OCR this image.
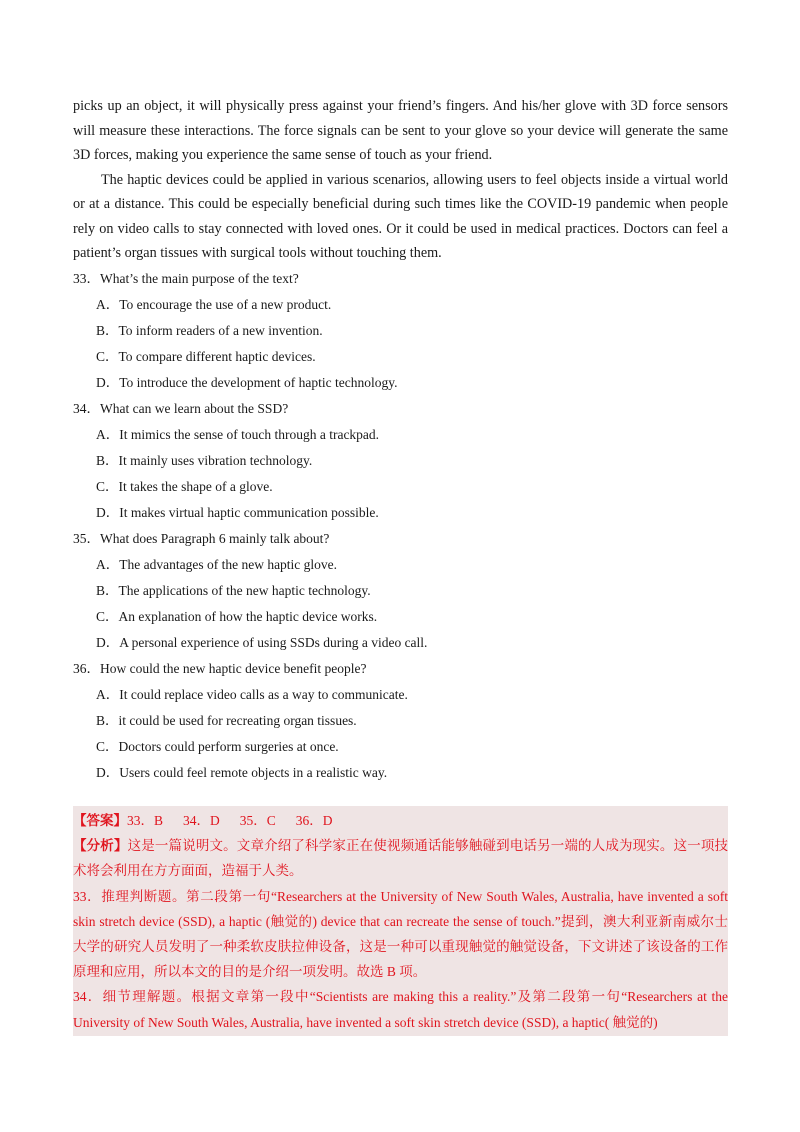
picks up an object, it will physically press against your friend’s fingers. And his/her glove with 3D force sensors will measure these interactions. The force signals can be sent to your glove so your device will generate the same 3D forces, making you experience the same sense of touch as your friend.

The haptic devices could be applied in various scenarios, allowing users to feel objects inside a virtual world or at a distance. This could be especially beneficial during such times like the COVID-19 pandemic when people rely on video calls to stay connected with loved ones. Or it could be used in medical practices. Doctors can feel a patient’s organ tissues with surgical tools without touching them.

33．What’s the main purpose of the text?

A．To encourage the use of a new product.

B．To inform readers of a new invention.

C．To compare different haptic devices.

D．To introduce the development of haptic technology.

34．What can we learn about the SSD?

A．It mimics the sense of touch through a trackpad.

B．It mainly uses vibration technology.

C．It takes the shape of a glove.

D．It makes virtual haptic communication possible.

35．What does Paragraph 6 mainly talk about?

A．The advantages of the new haptic glove.

B．The applications of the new haptic technology.

C．An explanation of how the haptic device works.

D．A personal experience of using SSDs during a video call.

36．How could the new haptic device benefit people?

A．It could replace video calls as a way to communicate.

B．it could be used for recreating organ tissues.

C．Doctors could perform surgeries at once.

D．Users could feel remote objects in a realistic way.

【答案】33．B 34．D 35．C 36．D

【分析】这是一篇说明文。文章介绍了科学家正在使视频通话能够触碰到电话另一端的人成为现实。这一项技术将会利用在方方面面，造福于人类。

33．推理判断题。第二段第一句“Researchers at the University of New South Wales, Australia, have invented a soft skin stretch device (SSD), a haptic (触觉的) device that can recreate the sense of touch.”提到，澳大利亚新南威尔士大学的研究人员发明了一种柔软皮肤拉伸设备，这是一种可以重现触觉的触觉设备，下文讲述了该设备的工作原理和应用，所以本文的目的是介绍一项发明。故选 B 项。

34．细节理解题。根据文章第一段中“Scientists are making this a reality.”及第二段第一句“Researchers at the University of New South Wales, Australia, have invented a soft skin stretch device (SSD), a haptic( 触觉的)
